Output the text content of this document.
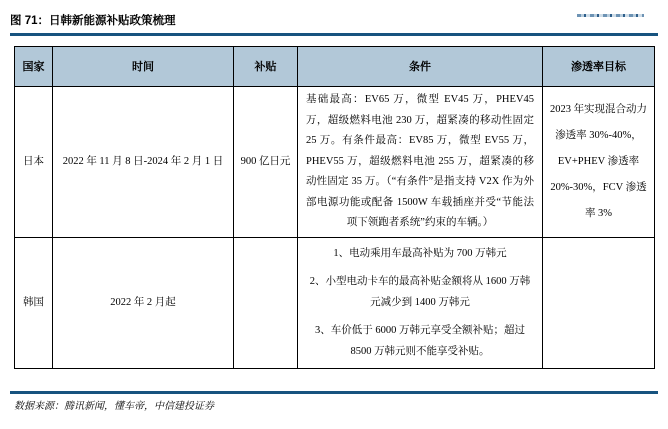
图 71：日韩新能源补贴政策梳理
国家	时间	补贴	条件	渗透率目标
日本	2022 年 11 月 8 日-2024 年 2 月 1 日	900 亿日元	基础最高：EV65 万，微型 EV45 万，PHEV45 万，超级燃料电池 230 万，超紧凑的移动性固定 25 万。有条件最高：EV85 万，微型 EV55 万，PHEV55 万，超级燃料电池 255 万，超紧凑的移动性固定 35 万。（“有条件”是指支持 V2X 作为外部电源功能或配备 1500W 车载插座并受“节能法项下领跑者系统”约束的车辆。）	2023 年实现混合动力渗透率 30%-40%，EV+PHEV 渗透率 20%-30%，FCV 渗透率 3%
韩国	2022 年 2 月起		1、电动乘用车最高补贴为 700 万韩元

2、小型电动卡车的最高补贴金额将从 1600 万韩元减少到 1400 万韩元

3、车价低于 6000 万韩元享受全额补贴；超过 8500 万韩元则不能享受补贴。	

数据来源：腾讯新闻，懂车帝，中信建投证券
